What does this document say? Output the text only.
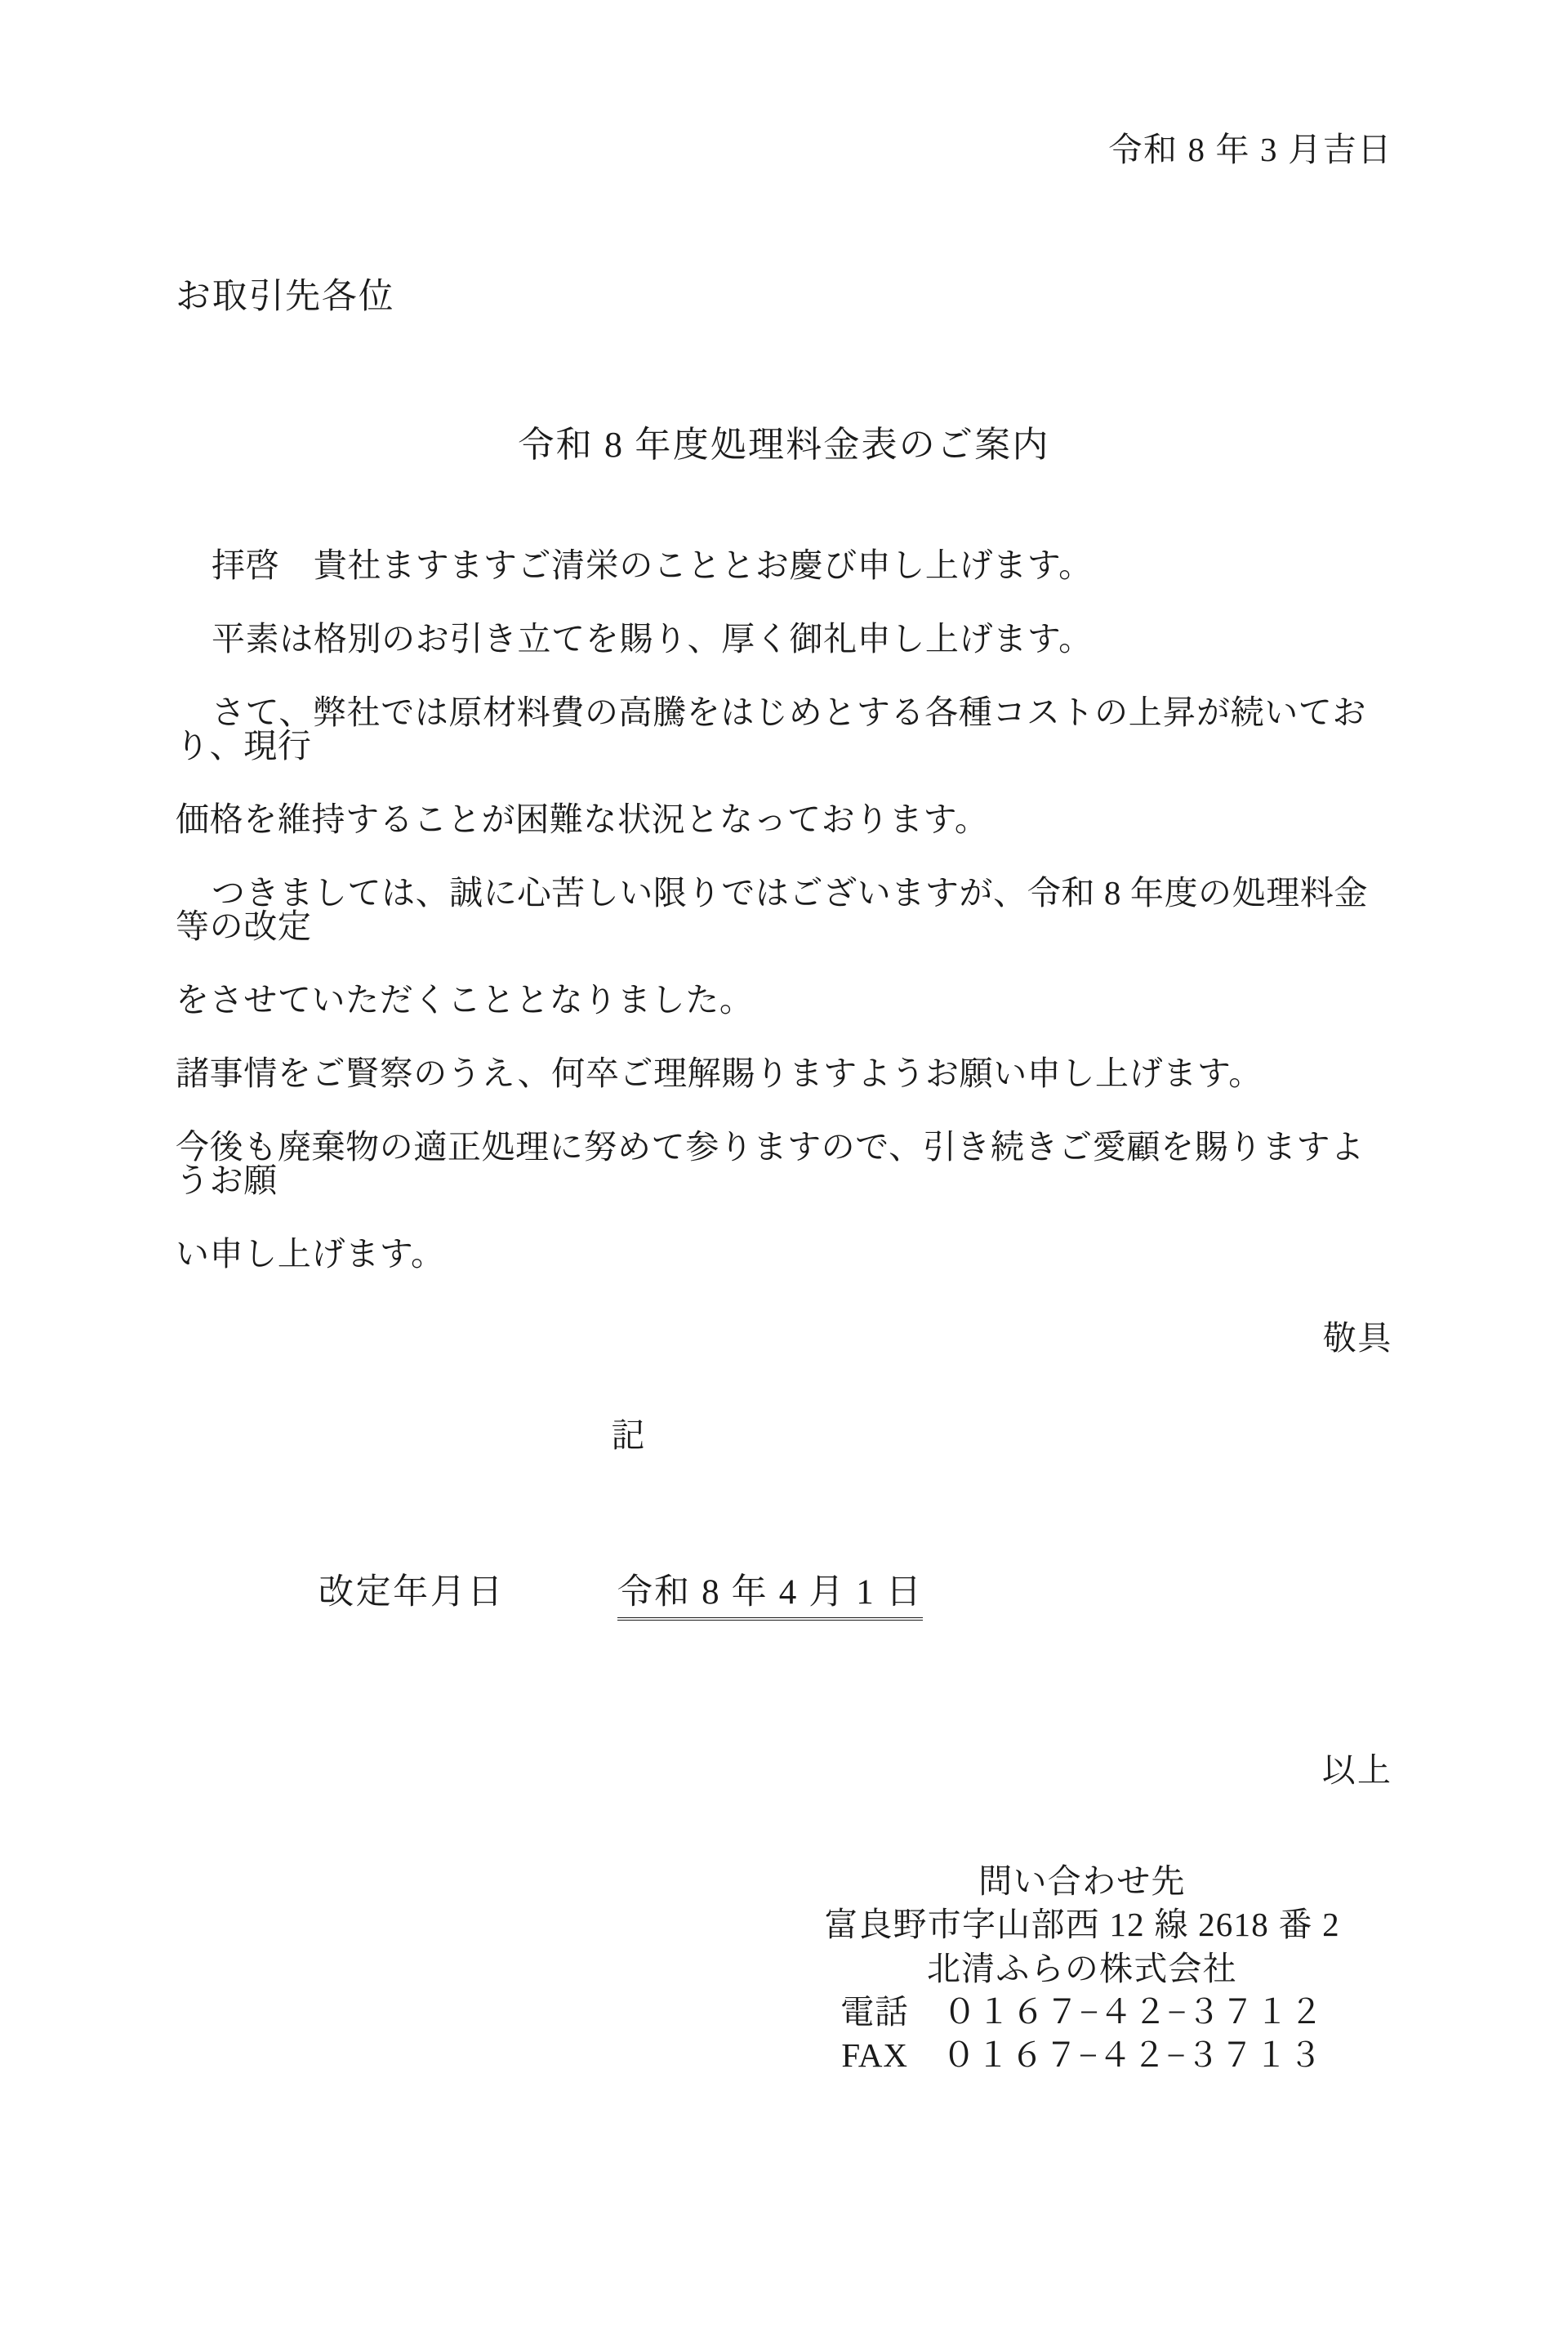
令和 8 年 3 月吉日
お取引先各位
令和 8 年度処理料金表のご案内
拝啓　貴社ますますご清栄のこととお慶び申し上げます。
平素は格別のお引き立てを賜り、厚く御礼申し上げます。
さて、弊社では原材料費の高騰をはじめとする各種コストの上昇が続いており、現行
価格を維持することが困難な状況となっております。
つきましては、誠に心苦しい限りではございますが、令和 8 年度の処理料金等の改定
をさせていただくこととなりました。
諸事情をご賢察のうえ、何卒ご理解賜りますようお願い申し上げます。
今後も廃棄物の適正処理に努めて参りますので、引き続きご愛顧を賜りますようお願
い申し上げます。
敬具
記
改定年月日	令和 8 年 4 月 1 日
以上
問い合わせ先
富良野市字山部西 12 線 2618 番 2
北清ふらの株式会社
電話　０１６７−４２−３７１２
FAX　０１６７−４２−３７１３
